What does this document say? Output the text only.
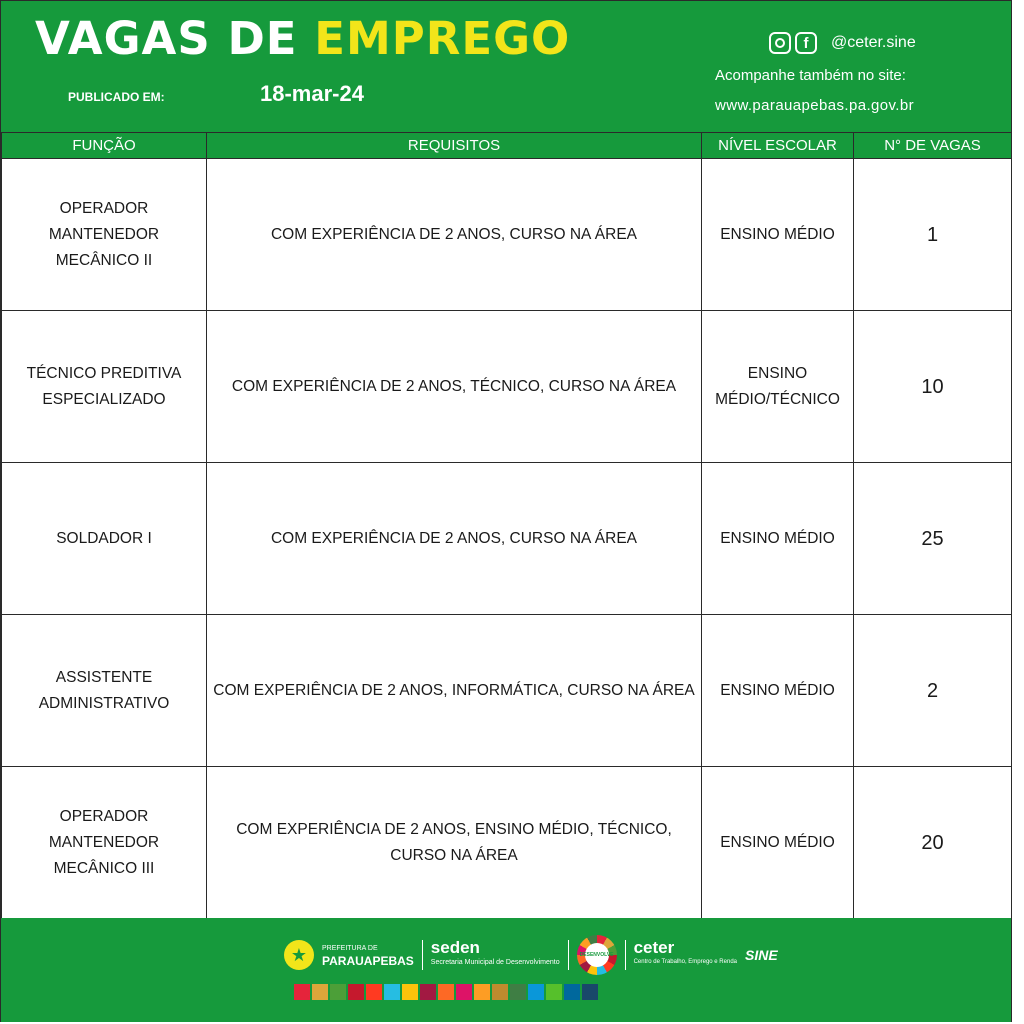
VAGAS DE EMPREGO
PUBLICADO EM:	18-mar-24
f	@ceter.sine
Acompanhe também no site:
www.parauapebas.pa.gov.br
FUNÇÃO	REQUISITOS	NÍVEL ESCOLAR	N° DE VAGAS
OPERADOR MANTENEDOR MECÂNICO II	COM EXPERIÊNCIA DE 2 ANOS, CURSO NA ÁREA	ENSINO MÉDIO	1
TÉCNICO PREDITIVA ESPECIALIZADO	COM EXPERIÊNCIA DE 2 ANOS, TÉCNICO, CURSO NA ÁREA	ENSINO MÉDIO/TÉCNICO	10
SOLDADOR I	COM EXPERIÊNCIA DE 2 ANOS, CURSO NA ÁREA	ENSINO MÉDIO	25
ASSISTENTE ADMINISTRATIVO	COM EXPERIÊNCIA DE 2 ANOS, INFORMÁTICA, CURSO NA ÁREA	ENSINO MÉDIO	2
OPERADOR MANTENEDOR MECÂNICO III	COM EXPERIÊNCIA DE 2 ANOS, ENSINO MÉDIO, TÉCNICO, CURSO NA ÁREA	ENSINO MÉDIO	20
★	PREFEITURA DE
PARAUAPEBAS
seden
Secretaria Municipal de Desenvolvimento
DESENVOLVE ceter
Centro de Trabalho, Emprego e Renda SINE
